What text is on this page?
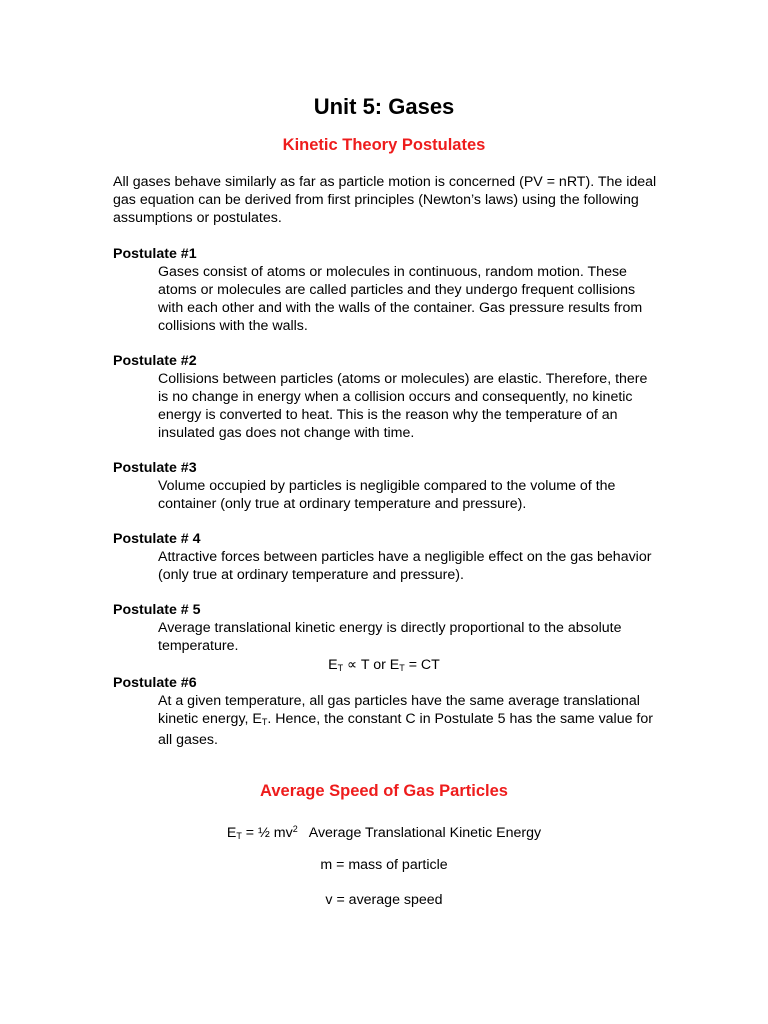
Unit 5: Gases
Kinetic Theory Postulates
All gases behave similarly as far as particle motion is concerned (PV = nRT). The ideal gas equation can be derived from first principles (Newton’s laws) using the following assumptions or postulates.
Postulate #1
Gases consist of atoms or molecules in continuous, random motion. These atoms or molecules are called particles and they undergo frequent collisions with each other and with the walls of the container. Gas pressure results from collisions with the walls.
Postulate #2
Collisions between particles (atoms or molecules) are elastic. Therefore, there is no change in energy when a collision occurs and consequently, no kinetic energy is converted to heat. This is the reason why the temperature of an insulated gas does not change with time.
Postulate #3
Volume occupied by particles is negligible compared to the volume of the container (only true at ordinary temperature and pressure).
Postulate # 4
Attractive forces between particles have a negligible effect on the gas behavior (only true at ordinary temperature and pressure).
Postulate # 5
Average translational kinetic energy is directly proportional to the absolute temperature.
$E_T \propto T$ or $E_T$ = CT
Postulate #6
At a given temperature, all gas particles have the same average translational kinetic energy, $E_T$. Hence, the constant C in Postulate 5 has the same value for all gases.
Average Speed of Gas Particles
$E_T$ = ½ $mv^2$   Average Translational Kinetic Energy
m = mass of particle
v = average speed
